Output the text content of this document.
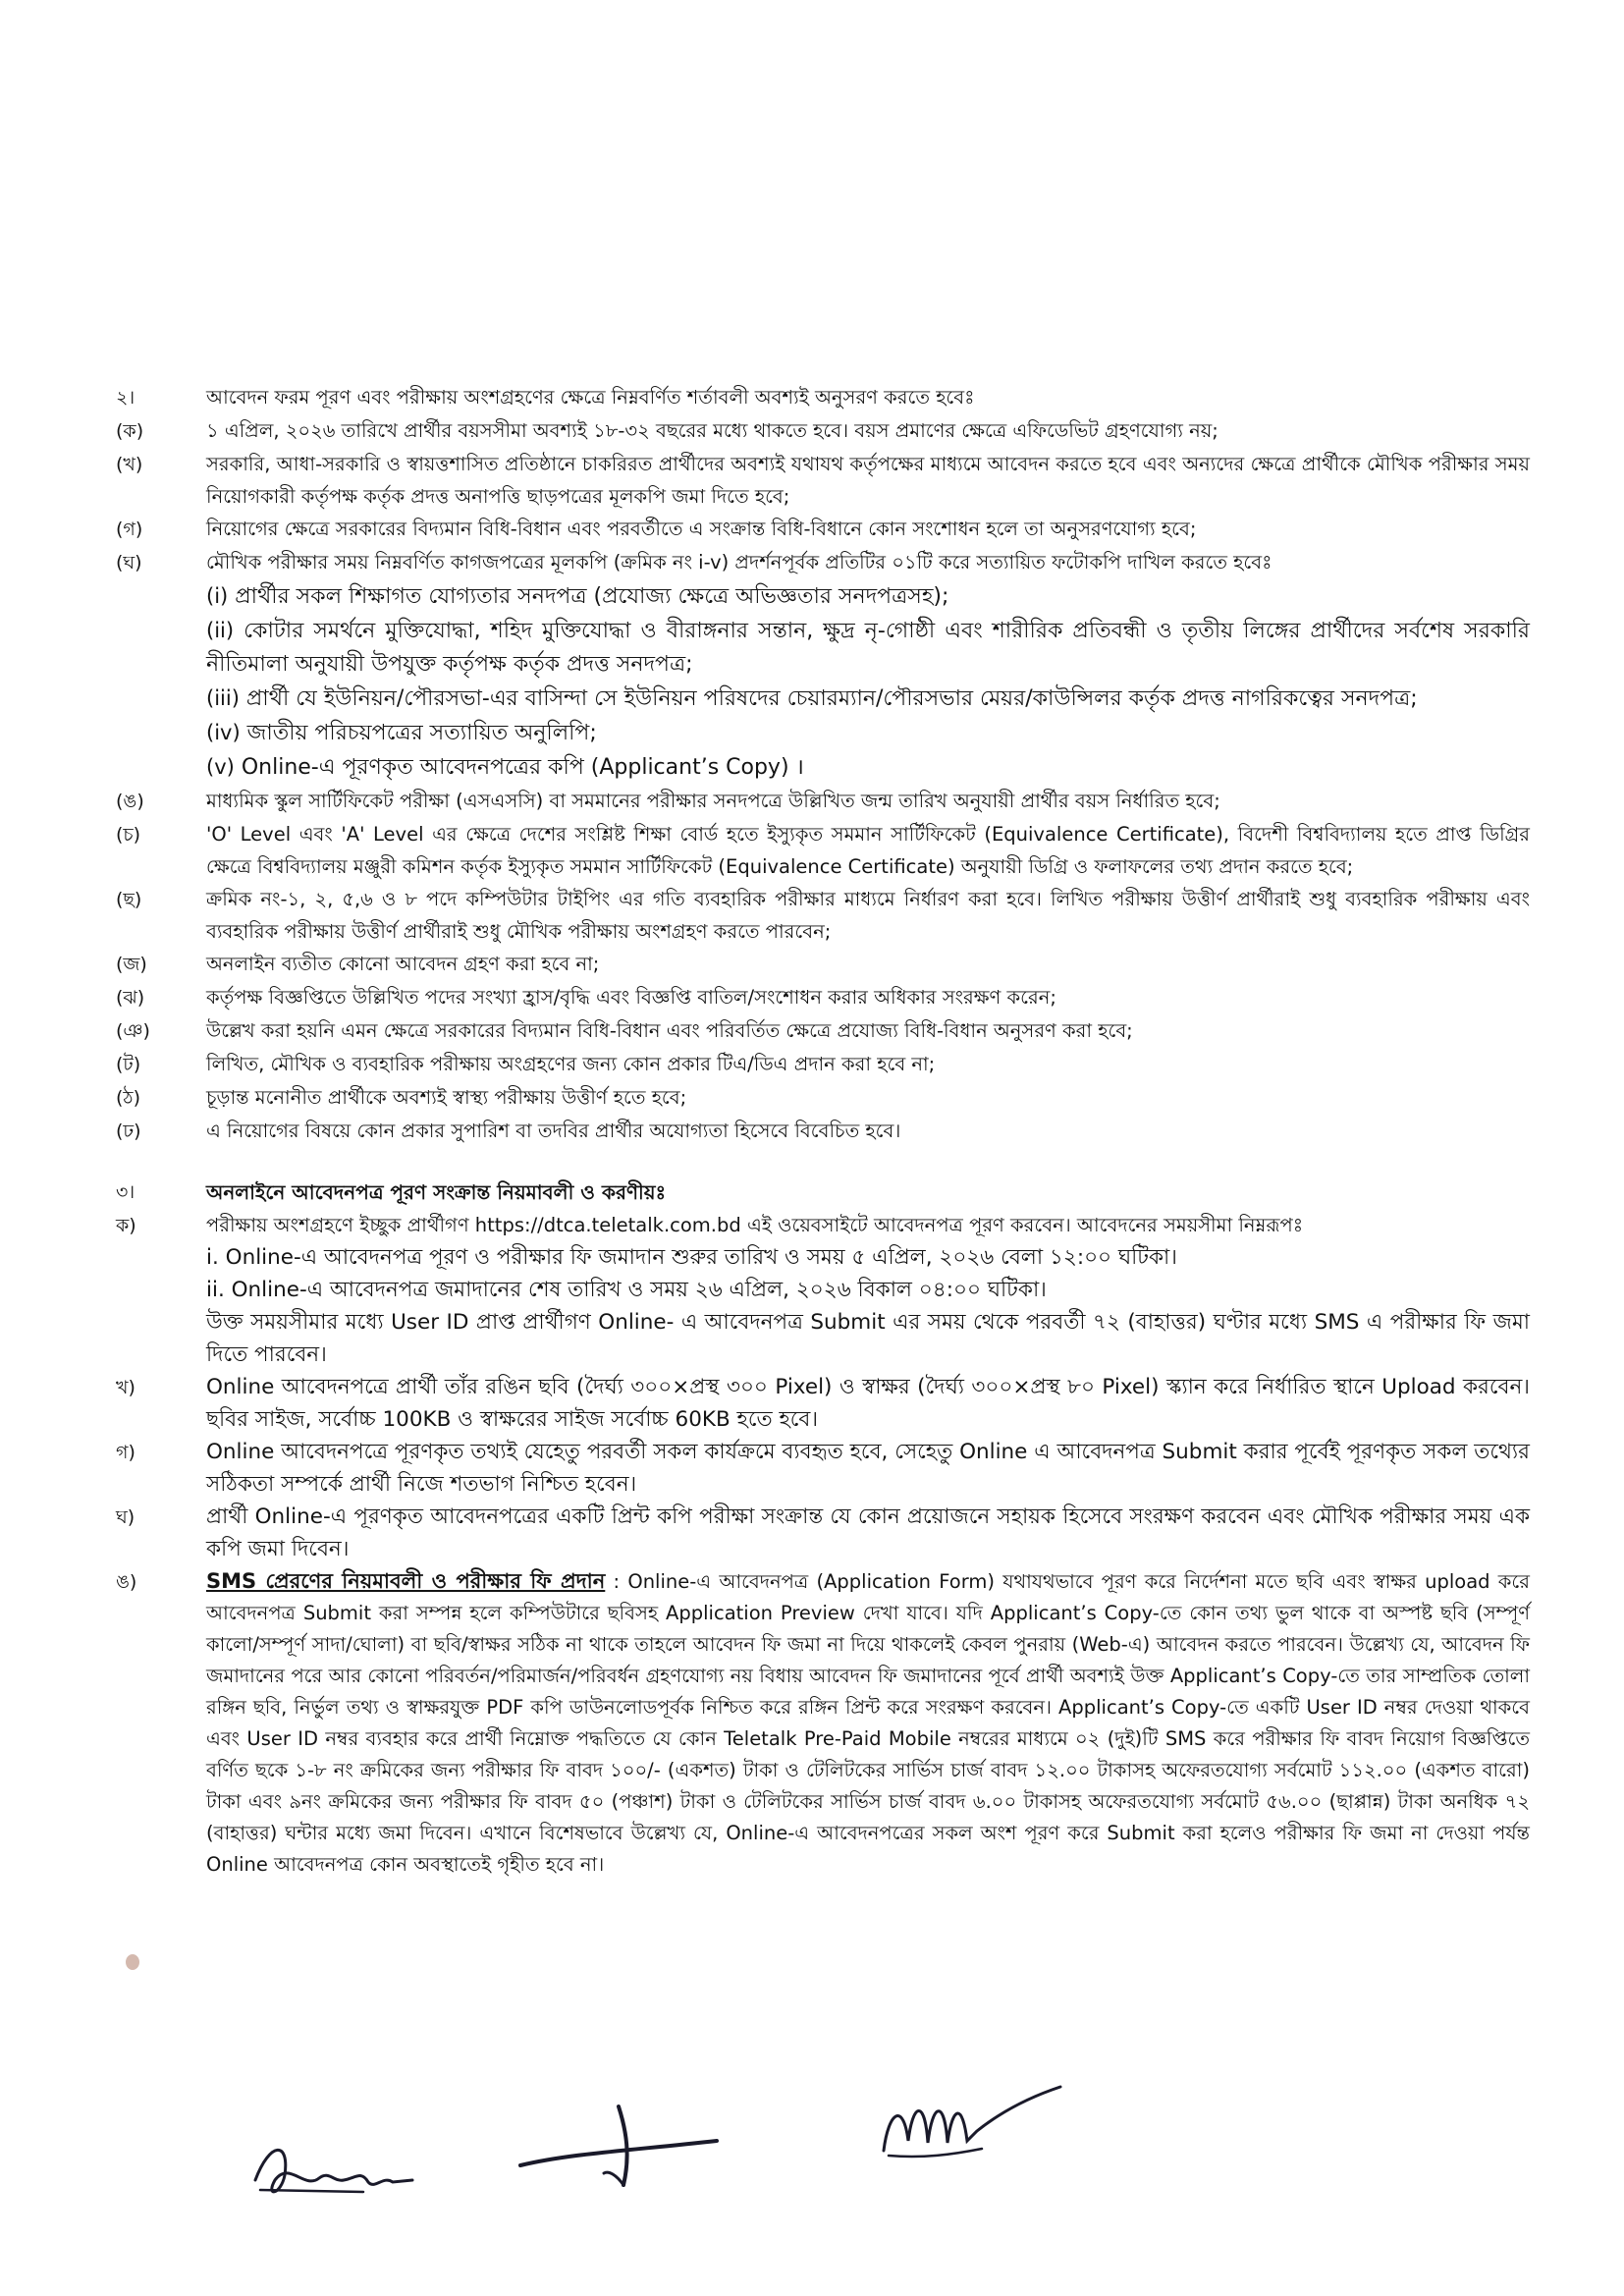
২।	আবেদন ফরম পূরণ এবং পরীক্ষায় অংশগ্রহণের ক্ষেত্রে নিম্নবর্ণিত শর্তাবলী অবশ্যই অনুসরণ করতে হবেঃ
(ক)	১ এপ্রিল, ২০২৬ তারিখে প্রার্থীর বয়সসীমা অবশ্যই ১৮-৩২ বছরের মধ্যে থাকতে হবে। বয়স প্রমাণের ক্ষেত্রে এফিডেভিট গ্রহণযোগ্য নয়;
(খ)	সরকারি, আধা-সরকারি ও স্বায়ত্তশাসিত প্রতিষ্ঠানে চাকরিরত প্রার্থীদের অবশ্যই যথাযথ কর্তৃপক্ষের মাধ্যমে আবেদন করতে হবে এবং অন্যদের ক্ষেত্রে প্রার্থীকে মৌখিক পরীক্ষার সময় নিয়োগকারী কর্তৃপক্ষ কর্তৃক প্রদত্ত অনাপত্তি ছাড়পত্রের মূলকপি জমা দিতে হবে;
(গ)	নিয়োগের ক্ষেত্রে সরকারের বিদ্যমান বিধি-বিধান এবং পরবর্তীতে এ সংক্রান্ত বিধি-বিধানে কোন সংশোধন হলে তা অনুসরণযোগ্য হবে;
(ঘ)	মৌখিক পরীক্ষার সময় নিম্নবর্ণিত কাগজপত্রের মূলকপি (ক্রমিক নং i-v) প্রদর্শনপূর্বক প্রতিটির ০১টি করে সত্যায়িত ফটোকপি দাখিল করতে হবেঃ
(i) প্রার্থীর সকল শিক্ষাগত যোগ্যতার সনদপত্র (প্রযোজ্য ক্ষেত্রে অভিজ্ঞতার সনদপত্রসহ);
(ii) কোটার সমর্থনে মুক্তিযোদ্ধা, শহিদ মুক্তিযোদ্ধা ও বীরাঙ্গনার সন্তান, ক্ষুদ্র নৃ-গোষ্ঠী এবং শারীরিক প্রতিবন্ধী ও তৃতীয় লিঙ্গের প্রার্থীদের সর্বশেষ সরকারি নীতিমালা অনুযায়ী উপযুক্ত কর্তৃপক্ষ কর্তৃক প্রদত্ত সনদপত্র;
(iii) প্রার্থী যে ইউনিয়ন/পৌরসভা-এর বাসিন্দা সে ইউনিয়ন পরিষদের চেয়ারম্যান/পৌরসভার মেয়র/কাউন্সিলর কর্তৃক প্রদত্ত নাগরিকত্বের সনদপত্র;
(iv) জাতীয় পরিচয়পত্রের সত্যায়িত অনুলিপি;
(v) Online-এ পূরণকৃত আবেদনপত্রের কপি (Applicant’s Copy) ।
(ঙ)	মাধ্যমিক স্কুল সার্টিফিকেট পরীক্ষা (এসএসসি) বা সমমানের পরীক্ষার সনদপত্রে উল্লিখিত জন্ম তারিখ অনুযায়ী প্রার্থীর বয়স নির্ধারিত হবে;
(চ)	'O' Level এবং 'A' Level এর ক্ষেত্রে দেশের সংশ্লিষ্ট শিক্ষা বোর্ড হতে ইস্যুকৃত সমমান সার্টিফিকেট (Equivalence Certificate), বিদেশী বিশ্ববিদ্যালয় হতে প্রাপ্ত ডিগ্রির ক্ষেত্রে বিশ্ববিদ্যালয় মঞ্জুরী কমিশন কর্তৃক ইস্যুকৃত সমমান সার্টিফিকেট (Equivalence Certificate) অনুযায়ী ডিগ্রি ও ফলাফলের তথ্য প্রদান করতে হবে;
(ছ)	ক্রমিক নং-১, ২, ৫,৬ ও ৮ পদে কম্পিউটার টাইপিং এর গতি ব্যবহারিক পরীক্ষার মাধ্যমে নির্ধারণ করা হবে। লিখিত পরীক্ষায় উত্তীর্ণ প্রার্থীরাই শুধু ব্যবহারিক পরীক্ষায় এবং ব্যবহারিক পরীক্ষায় উত্তীর্ণ প্রার্থীরাই শুধু মৌখিক পরীক্ষায় অংশগ্রহণ করতে পারবেন;
(জ)	অনলাইন ব্যতীত কোনো আবেদন গ্রহণ করা হবে না;
(ঝ)	কর্তৃপক্ষ বিজ্ঞপ্তিতে উল্লিখিত পদের সংখ্যা হ্রাস/বৃদ্ধি এবং বিজ্ঞপ্তি বাতিল/সংশোধন করার অধিকার সংরক্ষণ করেন;
(ঞ)	উল্লেখ করা হয়নি এমন ক্ষেত্রে সরকারের বিদ্যমান বিধি-বিধান এবং পরিবর্তিত ক্ষেত্রে প্রযোজ্য বিধি-বিধান অনুসরণ করা হবে;
(ট)	লিখিত, মৌখিক ও ব্যবহারিক পরীক্ষায় অংগ্রহণের জন্য কোন প্রকার টিএ/ডিএ প্রদান করা হবে না;
(ঠ)	চূড়ান্ত মনোনীত প্রার্থীকে অবশ্যই স্বাস্থ্য পরীক্ষায় উত্তীর্ণ হতে হবে;
(ঢ)	এ নিয়োগের বিষয়ে কোন প্রকার সুপারিশ বা তদবির প্রার্থীর অযোগ্যতা হিসেবে বিবেচিত হবে।
৩।	অনলাইনে আবেদনপত্র পূরণ সংক্রান্ত নিয়মাবলী ও করণীয়ঃ
ক)	পরীক্ষায় অংশগ্রহণে ইচ্ছুক প্রার্থীগণ https://dtca.teletalk.com.bd এই ওয়েবসাইটে আবেদনপত্র পূরণ করবেন। আবেদনের সময়সীমা নিম্নরূপঃ
i. Online-এ আবেদনপত্র পূরণ ও পরীক্ষার ফি জমাদান শুরুর তারিখ ও সময় ৫ এপ্রিল, ২০২৬ বেলা ১২:০০ ঘটিকা।
ii. Online-এ আবেদনপত্র জমাদানের শেষ তারিখ ও সময় ২৬ এপ্রিল, ২০২৬ বিকাল ০৪:০০ ঘটিকা।
উক্ত সময়সীমার মধ্যে User ID প্রাপ্ত প্রার্থীগণ Online- এ আবেদনপত্র Submit এর সময় থেকে পরবর্তী ৭২ (বাহাত্তর) ঘণ্টার মধ্যে SMS এ পরীক্ষার ফি জমা দিতে পারবেন।
খ)	Online আবেদনপত্রে প্রার্থী তাঁর রঙিন ছবি (দৈর্ঘ্য ৩০০×প্রস্থ ৩০০ Pixel) ও স্বাক্ষর (দৈর্ঘ্য ৩০০×প্রস্থ ৮০ Pixel) স্ক্যান করে নির্ধারিত স্থানে Upload করবেন। ছবির সাইজ, সর্বোচ্চ 100KB ও স্বাক্ষরের সাইজ সর্বোচ্চ 60KB হতে হবে।
গ)	Online আবেদনপত্রে পূরণকৃত তথ্যই যেহেতু পরবর্তী সকল কার্যক্রমে ব্যবহৃত হবে, সেহেতু Online এ আবেদনপত্র Submit করার পূর্বেই পূরণকৃত সকল তথ্যের সঠিকতা সম্পর্কে প্রার্থী নিজে শতভাগ নিশ্চিত হবেন।
ঘ)	প্রার্থী Online-এ পূরণকৃত আবেদনপত্রের একটি প্রিন্ট কপি পরীক্ষা সংক্রান্ত যে কোন প্রয়োজনে সহায়ক হিসেবে সংরক্ষণ করবেন এবং মৌখিক পরীক্ষার সময় এক কপি জমা দিবেন।
ঙ)	SMS প্রেরণের নিয়মাবলী ও পরীক্ষার ফি প্রদান : Online-এ আবেদনপত্র (Application Form) যথাযথভাবে পূরণ করে নির্দেশনা মতে ছবি এবং স্বাক্ষর upload করে আবেদনপত্র Submit করা সম্পন্ন হলে কম্পিউটারে ছবিসহ Application Preview দেখা যাবে। যদি Applicant’s Copy-তে কোন তথ্য ভুল থাকে বা অস্পষ্ট ছবি (সম্পূর্ণ কালো/সম্পূর্ণ সাদা/ঘোলা) বা ছবি/স্বাক্ষর সঠিক না থাকে তাহলে আবেদন ফি জমা না দিয়ে থাকলেই কেবল পুনরায় (Web-এ) আবেদন করতে পারবেন। উল্লেখ্য যে, আবেদন ফি জমাদানের পরে আর কোনো পরিবর্তন/পরিমার্জন/পরিবর্ধন গ্রহণযোগ্য নয় বিধায় আবেদন ফি জমাদানের পূর্বে প্রার্থী অবশ্যই উক্ত Applicant’s Copy-তে তার সাম্প্রতিক তোলা রঙ্গিন ছবি, নির্ভুল তথ্য ও স্বাক্ষরযুক্ত PDF কপি ডাউনলোডপূর্বক নিশ্চিত করে রঙ্গিন প্রিন্ট করে সংরক্ষণ করবেন। Applicant’s Copy-তে একটি User ID নম্বর দেওয়া থাকবে এবং User ID নম্বর ব্যবহার করে প্রার্থী নিম্নোক্ত পদ্ধতিতে যে কোন Teletalk Pre-Paid Mobile নম্বরের মাধ্যমে ০২ (দুই)টি SMS করে পরীক্ষার ফি বাবদ নিয়োগ বিজ্ঞপ্তিতে বর্ণিত ছকে ১-৮ নং ক্রমিকের জন্য পরীক্ষার ফি বাবদ ১০০/- (একশত) টাকা ও টেলিটকের সার্ভিস চার্জ বাবদ ১২.০০ টাকাসহ অফেরতযোগ্য সর্বমোট ১১২.০০ (একশত বারো) টাকা এবং ৯নং ক্রমিকের জন্য পরীক্ষার ফি বাবদ ৫০ (পঞ্চাশ) টাকা ও টেলিটকের সার্ভিস চার্জ বাবদ ৬.০০ টাকাসহ অফেরতযোগ্য সর্বমোট ৫৬.০০ (ছাপ্পান্ন) টাকা অনধিক ৭২ (বাহাত্তর) ঘন্টার মধ্যে জমা দিবেন। এখানে বিশেষভাবে উল্লেখ্য যে, Online-এ আবেদনপত্রের সকল অংশ পূরণ করে Submit করা হলেও পরীক্ষার ফি জমা না দেওয়া পর্যন্ত Online আবেদনপত্র কোন অবস্থাতেই গৃহীত হবে না।
